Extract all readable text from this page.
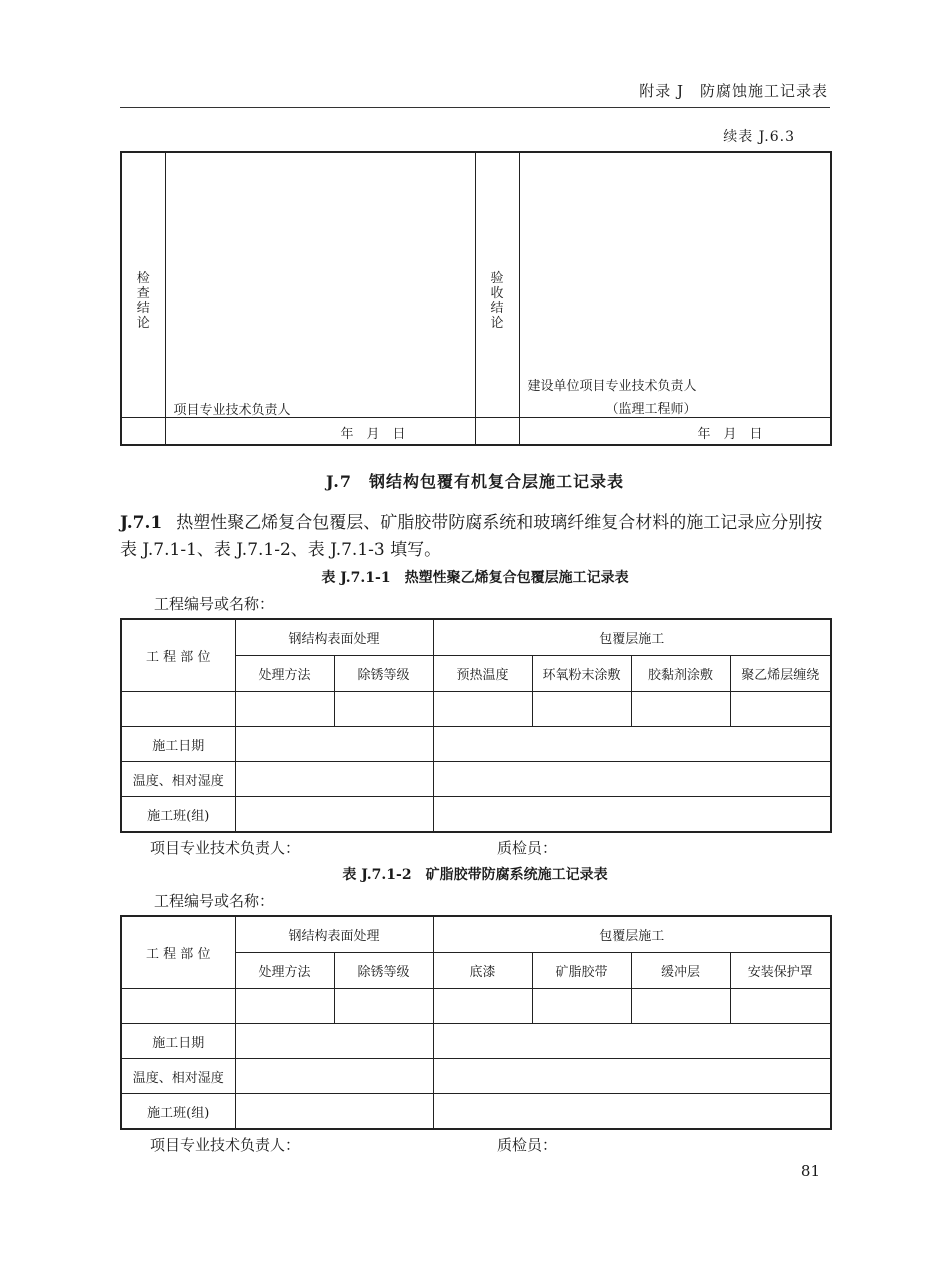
附录 J　防腐蚀施工记录表
续表 J.6.3
检查结论	项目专业技术负责人	验收结论	建设单位项目专业技术负责人
（监理工程师）

	年　月　日		年　月　日
J.7　钢结构包覆有机复合层施工记录表
J.7.1 热塑性聚乙烯复合包覆层、矿脂胶带防腐系统和玻璃纤维复合材料的施工记录应分别按表 J.7.1-1、表 J.7.1-2、表 J.7.1-3 填写。
表 J.7.1-1　热塑性聚乙烯复合包覆层施工记录表
工程编号或名称：
工 程 部 位	钢结构表面处理		包覆层施工			
	处理方法	除锈等级	预热温度	环氧粉末涂敷	胶黏剂涂敷	聚乙烯层缠绕

施工日期						
温度、相对湿度						
施工班(组)						
项目专业技术负责人：	质检员：
表 J.7.1-2　矿脂胶带防腐系统施工记录表
工程编号或名称：
工 程 部 位	钢结构表面处理		包覆层施工			
	处理方法	除锈等级	底漆	矿脂胶带	缓冲层	安装保护罩

施工日期						
温度、相对湿度						
施工班(组)						
项目专业技术负责人：	质检员：
81
